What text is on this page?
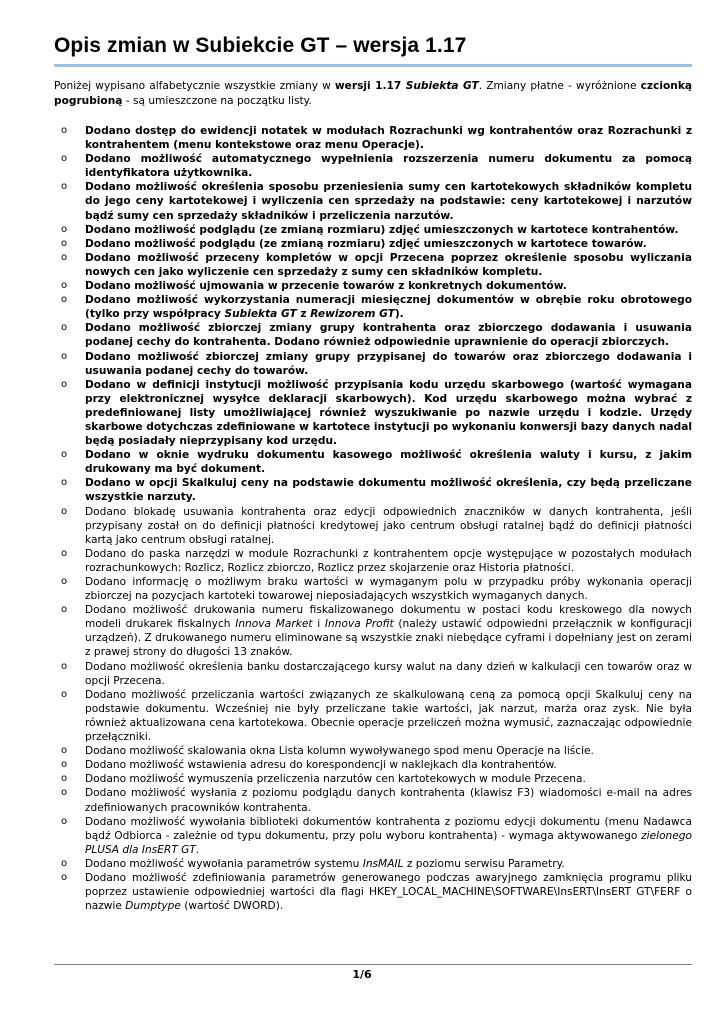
Opis zmian w Subiekcie GT – wersja 1.17

Poniżej wypisano alfabetycznie wszystkie zmiany w wersji 1.17 Subiekta GT. Zmiany płatne - wyróżnione czcionką pogrubioną - są umieszczone na początku listy.

o Dodano dostęp do ewidencji notatek w modułach Rozrachunki wg kontrahentów oraz Rozrachunki z kontrahentem (menu kontekstowe oraz menu Operacje).
o Dodano możliwość automatycznego wypełnienia rozszerzenia numeru dokumentu za pomocą identyfikatora użytkownika.
o Dodano możliwość określenia sposobu przeniesienia sumy cen kartotekowych składników kompletu do jego ceny kartotekowej i wyliczenia cen sprzedaży na podstawie: ceny kartotekowej i narzutów bądź sumy cen sprzedaży składników i przeliczenia narzutów.
o Dodano możliwość podglądu (ze zmianą rozmiaru) zdjęć umieszczonych w kartotece kontrahentów.
o Dodano możliwość podglądu (ze zmianą rozmiaru) zdjęć umieszczonych w kartotece towarów.
o Dodano możliwość przeceny kompletów w opcji Przecena poprzez określenie sposobu wyliczania nowych cen jako wyliczenie cen sprzedaży z sumy cen składników kompletu.
o Dodano możliwość ujmowania w przecenie towarów z konkretnych dokumentów.
o Dodano możliwość wykorzystania numeracji miesięcznej dokumentów w obrębie roku obrotowego (tylko przy współpracy Subiekta GT z Rewizorem GT).
o Dodano możliwość zbiorczej zmiany grupy kontrahenta oraz zbiorczego dodawania i usuwania podanej cechy do kontrahenta. Dodano również odpowiednie uprawnienie do operacji zbiorczych.
o Dodano możliwość zbiorczej zmiany grupy przypisanej do towarów oraz zbiorczego dodawania i usuwania podanej cechy do towarów.
o Dodano w definicji instytucji możliwość przypisania kodu urzędu skarbowego (wartość wymagana przy elektronicznej wysyłce deklaracji skarbowych). Kod urzędu skarbowego można wybrać z predefiniowanej listy umożliwiającej również wyszukiwanie po nazwie urzędu i kodzie. Urzędy skarbowe dotychczas zdefiniowane w kartotece instytucji po wykonaniu konwersji bazy danych nadal będą posiadały nieprzypisany kod urzędu.
o Dodano w oknie wydruku dokumentu kasowego możliwość określenia waluty i kursu, z jakim drukowany ma być dokument.
o Dodano w opcji Skalkuluj ceny na podstawie dokumentu możliwość określenia, czy będą przeliczane wszystkie narzuty.
o Dodano blokadę usuwania kontrahenta oraz edycji odpowiednich znaczników w danych kontrahenta, jeśli przypisany został on do definicji płatności kredytowej jako centrum obsługi ratalnej bądź do definicji płatności kartą jako centrum obsługi ratalnej.
o Dodano do paska narzędzi w module Rozrachunki z kontrahentem opcje występujące w pozostałych modułach rozrachunkowych: Rozlicz, Rozlicz zbiorczo, Rozlicz przez skojarzenie oraz Historia płatności.
o Dodano informację o możliwym braku wartości w wymaganym polu w przypadku próby wykonania operacji zbiorczej na pozycjach kartoteki towarowej nieposiadających wszystkich wymaganych danych.
o Dodano możliwość drukowania numeru fiskalizowanego dokumentu w postaci kodu kreskowego dla nowych modeli drukarek fiskalnych Innova Market i Innova Profit (należy ustawić odpowiedni przełącznik w konfiguracji urządzeń). Z drukowanego numeru eliminowane są wszystkie znaki niebędące cyframi i dopełniany jest on zerami z prawej strony do długości 13 znaków.
o Dodano możliwość określenia banku dostarczającego kursy walut na dany dzień w kalkulacji cen towarów oraz w opcji Przecena.
o Dodano możliwość przeliczania wartości związanych ze skalkulowaną ceną za pomocą opcji Skalkuluj ceny na podstawie dokumentu. Wcześniej nie były przeliczane takie wartości, jak narzut, marża oraz zysk. Nie była również aktualizowana cena kartotekowa. Obecnie operacje przeliczeń można wymusić, zaznaczając odpowiednie przełączniki.
o Dodano możliwość skalowania okna Lista kolumn wywoływanego spod menu Operacje na liście.
o Dodano możliwość wstawienia adresu do korespondencji w naklejkach dla kontrahentów.
o Dodano możliwość wymuszenia przeliczenia narzutów cen kartotekowych w module Przecena.
o Dodano możliwość wysłania z poziomu podglądu danych kontrahenta (klawisz F3) wiadomości e-mail na adres zdefiniowanych pracowników kontrahenta.
o Dodano możliwość wywołania biblioteki dokumentów kontrahenta z poziomu edycji dokumentu (menu Nadawca bądź Odbiorca - zależnie od typu dokumentu, przy polu wyboru kontrahenta) - wymaga aktywowanego zielonego PLUSA dla InsERT GT.
o Dodano możliwość wywołania parametrów systemu InsMAIL z poziomu serwisu Parametry.
o Dodano możliwość zdefiniowania parametrów generowanego podczas awaryjnego zamknięcia programu pliku poprzez ustawienie odpowiedniej wartości dla flagi HKEY_LOCAL_MACHINE\SOFTWARE\InsERT\InsERT GT\FERF o nazwie Dumptype (wartość DWORD).
1/6
